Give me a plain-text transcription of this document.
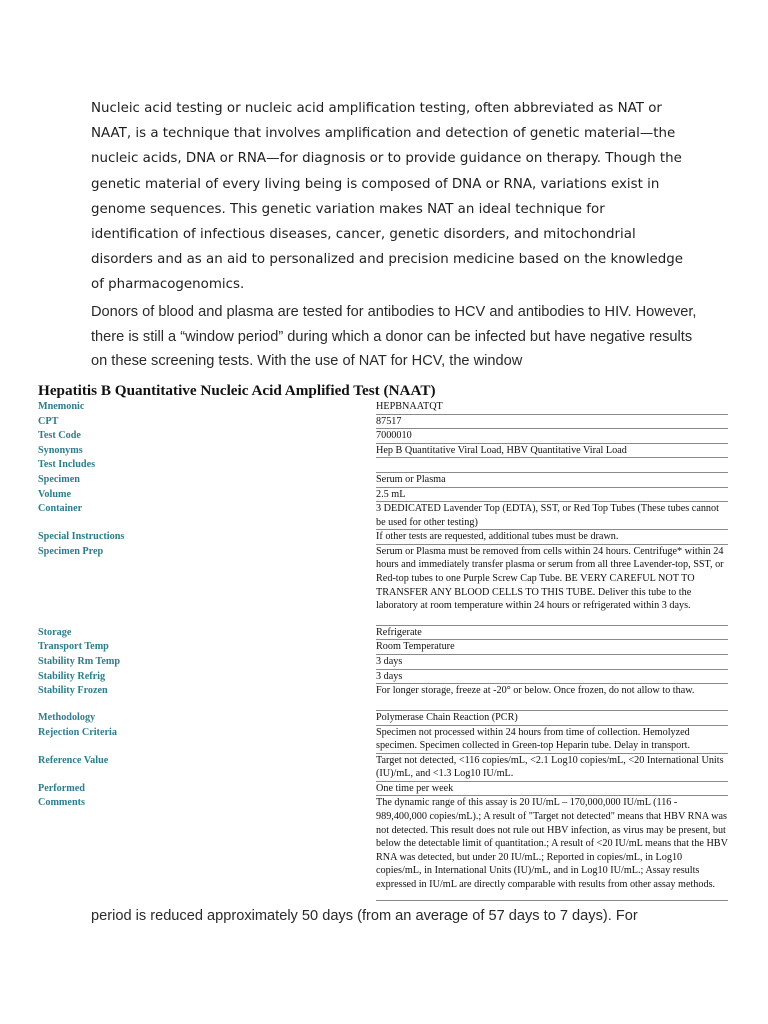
Nucleic acid testing or nucleic acid amplification testing, often abbreviated as NAT or NAAT, is a technique that involves amplification and detection of genetic material—the nucleic acids, DNA or RNA—for diagnosis or to provide guidance on therapy. Though the genetic material of every living being is composed of DNA or RNA, variations exist in genome sequences. This genetic variation makes NAT an ideal technique for identification of infectious diseases, cancer, genetic disorders, and mitochondrial disorders and as an aid to personalized and precision medicine based on the knowledge of pharmacogenomics.

Donors of blood and plasma are tested for antibodies to HCV and antibodies to HIV. However, there is still a “window period” during which a donor can be infected but have negative results on these screening tests. With the use of NAT for HCV, the window

Hepatitis B Quantitative Nucleic Acid Amplified Test (NAAT)
Mnemonic	HEPBNAATQT
CPT	87517
Test Code	7000010
Synonyms	Hep B Quantitative Viral Load, HBV Quantitative Viral Load
Test Includes
Specimen	Serum or Plasma
Volume	2.5 mL
Container	3 DEDICATED Lavender Top (EDTA), SST, or Red Top Tubes (These tubes cannot be used for other testing)
Special Instructions	If other tests are requested, additional tubes must be drawn.
Specimen Prep	Serum or Plasma must be removed from cells within 24 hours. Centrifuge* within 24 hours and immediately transfer plasma or serum from all three Lavender-top, SST, or Red-top tubes to one Purple Screw Cap Tube. BE VERY CAREFUL NOT TO TRANSFER ANY BLOOD CELLS TO THIS TUBE. Deliver this tube to the laboratory at room temperature within 24 hours or refrigerated within 3 days.
Storage	Refrigerate
Transport Temp	Room Temperature
Stability Rm Temp	3 days
Stability Refrig	3 days
Stability Frozen	For longer storage, freeze at -20° or below. Once frozen, do not allow to thaw.
Methodology	Polymerase Chain Reaction (PCR)
Rejection Criteria	Specimen not processed within 24 hours from time of collection. Hemolyzed specimen. Specimen collected in Green-top Heparin tube. Delay in transport.
Reference Value	Target not detected, <116 copies/mL, <2.1 Log10 copies/mL, <20 International Units (IU)/mL, and <1.3 Log10 IU/mL.
Performed	One time per week
Comments	The dynamic range of this assay is 20 IU/mL – 170,000,000 IU/mL (116 - 989,400,000 copies/mL).; A result of "Target not detected" means that HBV RNA was not detected. This result does not rule out HBV infection, as virus may be present, but below the detectable limit of quantitation.; A result of <20 IU/mL means that the HBV RNA was detected, but under 20 IU/mL.; Reported in copies/mL, in Log10 copies/mL, in International Units (IU)/mL, and in Log10 IU/mL.; Assay results expressed in IU/mL are directly comparable with results from other assay methods.

period is reduced approximately 50 days (from an average of 57 days to 7 days). For
